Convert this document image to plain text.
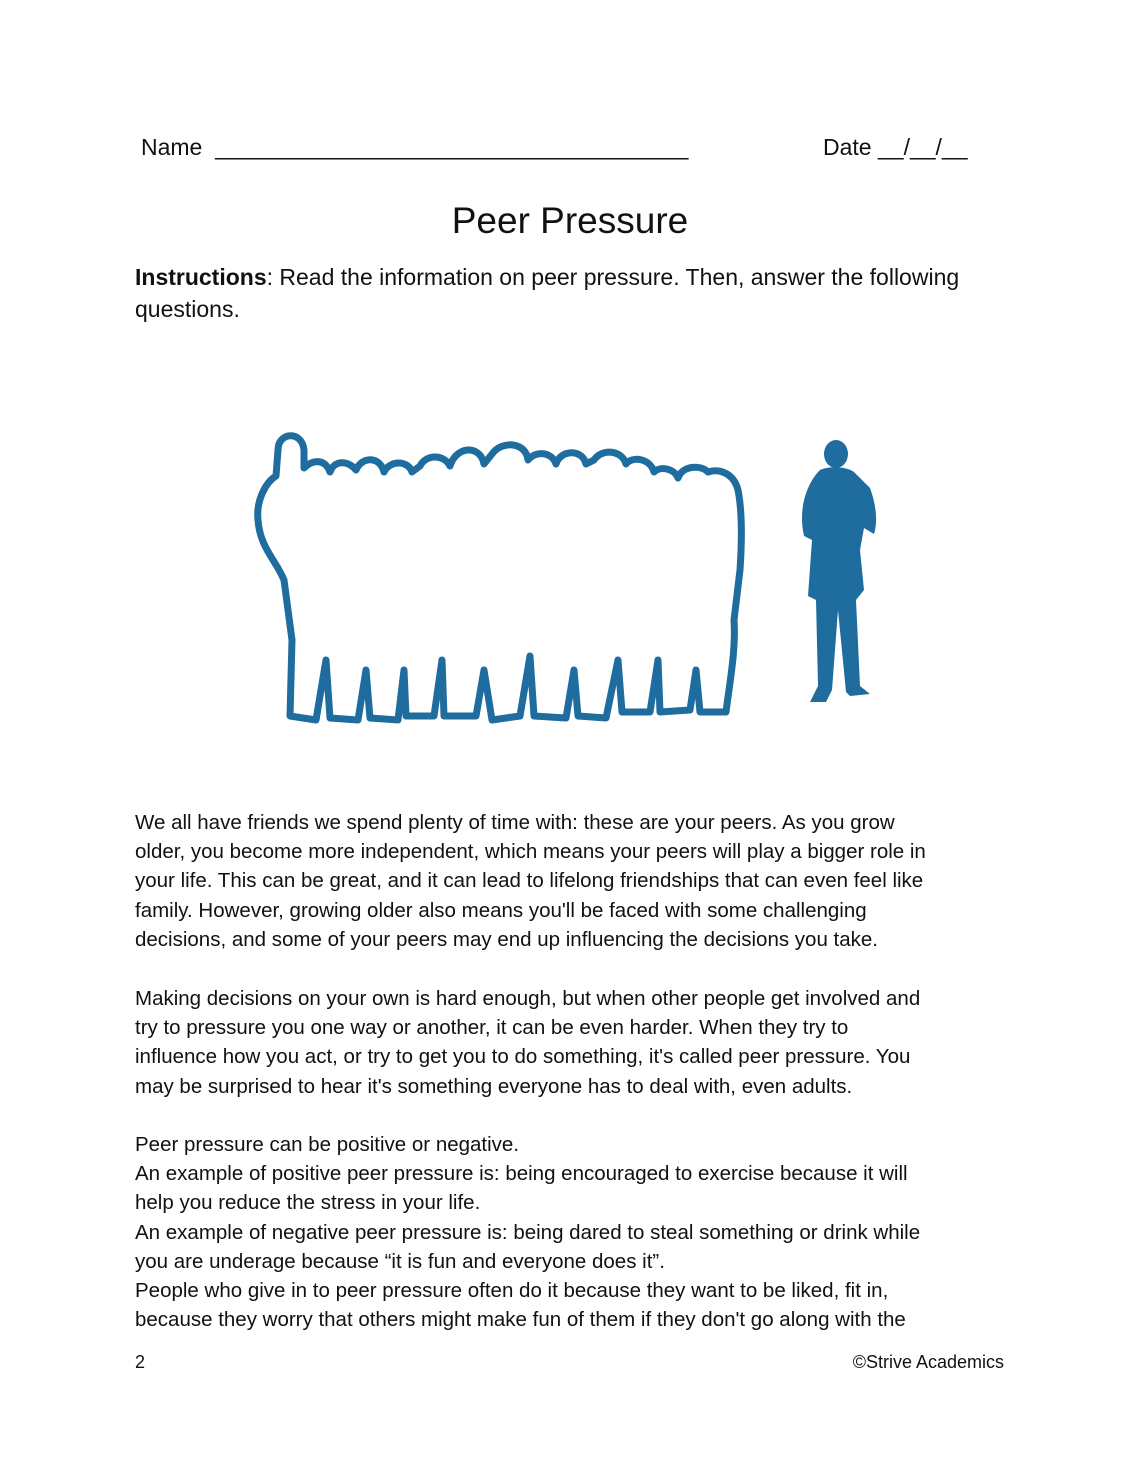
Name _____________________________________	Date __/__/__
Peer Pressure
Instructions: Read the information on peer pressure. Then, answer the following questions.
We all have friends we spend plenty of time with: these are your peers. As you grow
older, you become more independent, which means your peers will play a bigger role in
your life. This can be great, and it can lead to lifelong friendships that can even feel like
family. However, growing older also means you'll be faced with some challenging
decisions, and some of your peers may end up influencing the decisions you take.
Making decisions on your own is hard enough, but when other people get involved and
try to pressure you one way or another, it can be even harder. When they try to
influence how you act, or try to get you to do something, it's called peer pressure. You
may be surprised to hear it's something everyone has to deal with, even adults.
Peer pressure can be positive or negative.
An example of positive peer pressure is: being encouraged to exercise because it will
help you reduce the stress in your life.
An example of negative peer pressure is: being dared to steal something or drink while
you are underage because “it is fun and everyone does it”.
People who give in to peer pressure often do it because they want to be liked, fit in,
because they worry that others might make fun of them if they don't go along with the
2	©Strive Academics
